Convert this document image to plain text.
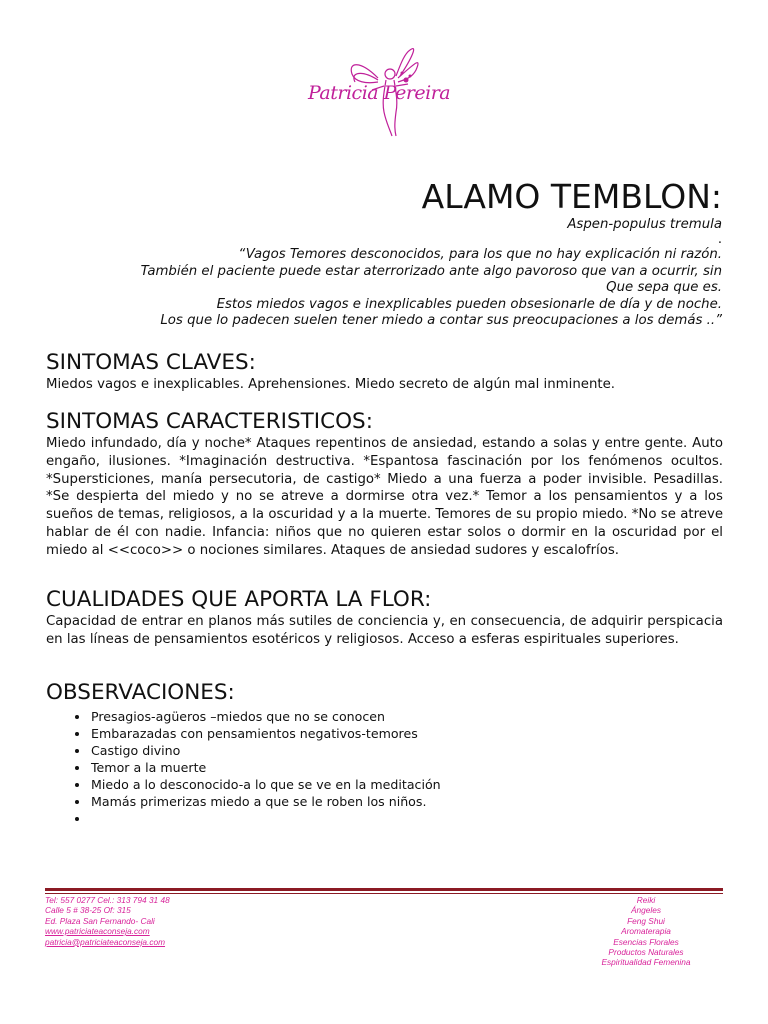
Patricia Pereira
ALAMO TEMBLON:
Aspen-populus tremula
.
“Vagos Temores desconocidos, para los que no hay explicación ni razón.
También el paciente puede estar aterrorizado ante algo pavoroso que van a ocurrir, sin
Que sepa que es.
Estos miedos vagos e inexplicables pueden obsesionarle de día y de noche.
Los que lo padecen suelen tener miedo a contar sus preocupaciones a los demás ..”
SINTOMAS CLAVES:

Miedos vagos e inexplicables. Aprehensiones. Miedo secreto de algún mal inminente.

SINTOMAS CARACTERISTICOS:

Miedo infundado, día y noche* Ataques repentinos de ansiedad, estando a solas y entre gente. Auto engaño, ilusiones. *Imaginación destructiva. *Espantosa fascinación por los fenómenos ocultos. *Supersticiones, manía persecutoria, de castigo* Miedo a una fuerza a poder invisible. Pesadillas. *Se despierta del miedo y no se atreve a dormirse otra vez.* Temor a los pensamientos y a los sueños de temas, religiosos, a la oscuridad y a la muerte. Temores de su propio miedo. *No se atreve hablar de él con nadie. Infancia: niños que no quieren estar solos o dormir en la oscuridad por el miedo al <<coco>> o nociones similares. Ataques de ansiedad sudores y escalofríos.

CUALIDADES QUE APORTA LA FLOR:

Capacidad de entrar en planos más sutiles de conciencia y, en consecuencia, de adquirir perspicacia en las líneas de pensamientos esotéricos y religiosos. Acceso a esferas espirituales superiores.

OBSERVACIONES:
• Presagios-agüeros –miedos que no se conocen
• Embarazadas con pensamientos negativos-temores
• Castigo divino
• Temor a la muerte
• Miedo a lo desconocido-a lo que se ve en la meditación
• Mamás primerizas miedo a que se le roben los niños.
•
Tel: 557 0277 Cel.: 313 794 31 48
Calle 5 # 38-25 Of: 315
Ed. Plaza San Fernando- Cali
www.patriciateaconseja.com
patricia@patriciateaconseja.com
Reiki
Ángeles
Feng Shui
Aromaterapia
Esencias Florales
Productos Naturales
Espiritualidad Femenina
